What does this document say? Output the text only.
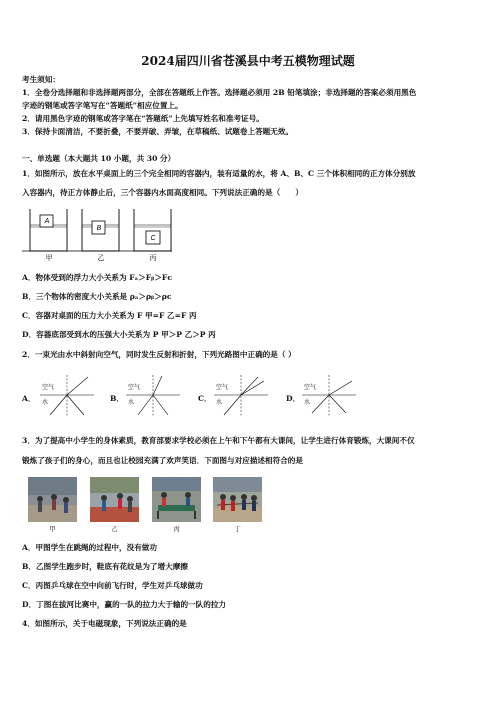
2024届四川省苍溪县中考五模物理试题
考生须知：
1．全卷分选择题和非选择题两部分，全部在答题纸上作答。选择题必须用 2B 铅笔填涂；非选择题的答案必须用黑色
字迹的钢笔或答字笔写在“答题纸”相应位置上。
2．请用黑色字迹的钢笔或答字笔在“答题纸”上先填写姓名和准考证号。
3．保持卡面清洁，不要折叠，不要弄破、弄皱，在草稿纸、试题卷上答题无效。
一、单选题（本大题共 10 小题，共 30 分）
1．如图所示，放在水平桌面上的三个完全相同的容器内，装有适量的水，将 A、B、C 三个体积相同的正方体分别放
入容器内，待正方体静止后，三个容器内水面高度相同。下列说法正确的是（　　）
A
B
C
甲	乙	丙
A．物体受到的浮力大小关系为 Fₐ＞Fᵦ＞Fᴄ
B．三个物体的密度大小关系是 ρₐ＞ρᵦ＞ρᴄ
C．容器对桌面的压力大小关系为 F 甲=F 乙=F 丙
D．容器底部受到水的压强大小关系为 P 甲＞P 乙＞P 丙
2．一束光由水中斜射向空气，同时发生反射和折射，下列光路图中正确的是（ ）
A．	B．	C．	D．
空气
水
空气
水
空气
水
空气
水
3．为了提高中小学生的身体素质，教育部要求学校必须在上午和下午都有大课间，让学生进行体育锻炼，大课间不仅
锻炼了孩子们的身心，而且也让校园充满了欢声笑语．下面图与对应描述相符合的是
甲	乙	丙	丁
A．甲图学生在跳绳的过程中，没有做功
B．乙图学生跑步时，鞋底有花纹是为了增大摩擦
C．丙图乒乓球在空中向前飞行时，学生对乒乓球做功
D．丁图在拔河比赛中，赢的一队的拉力大于输的一队的拉力
4．如图所示，关于电磁现象，下列说法正确的是
